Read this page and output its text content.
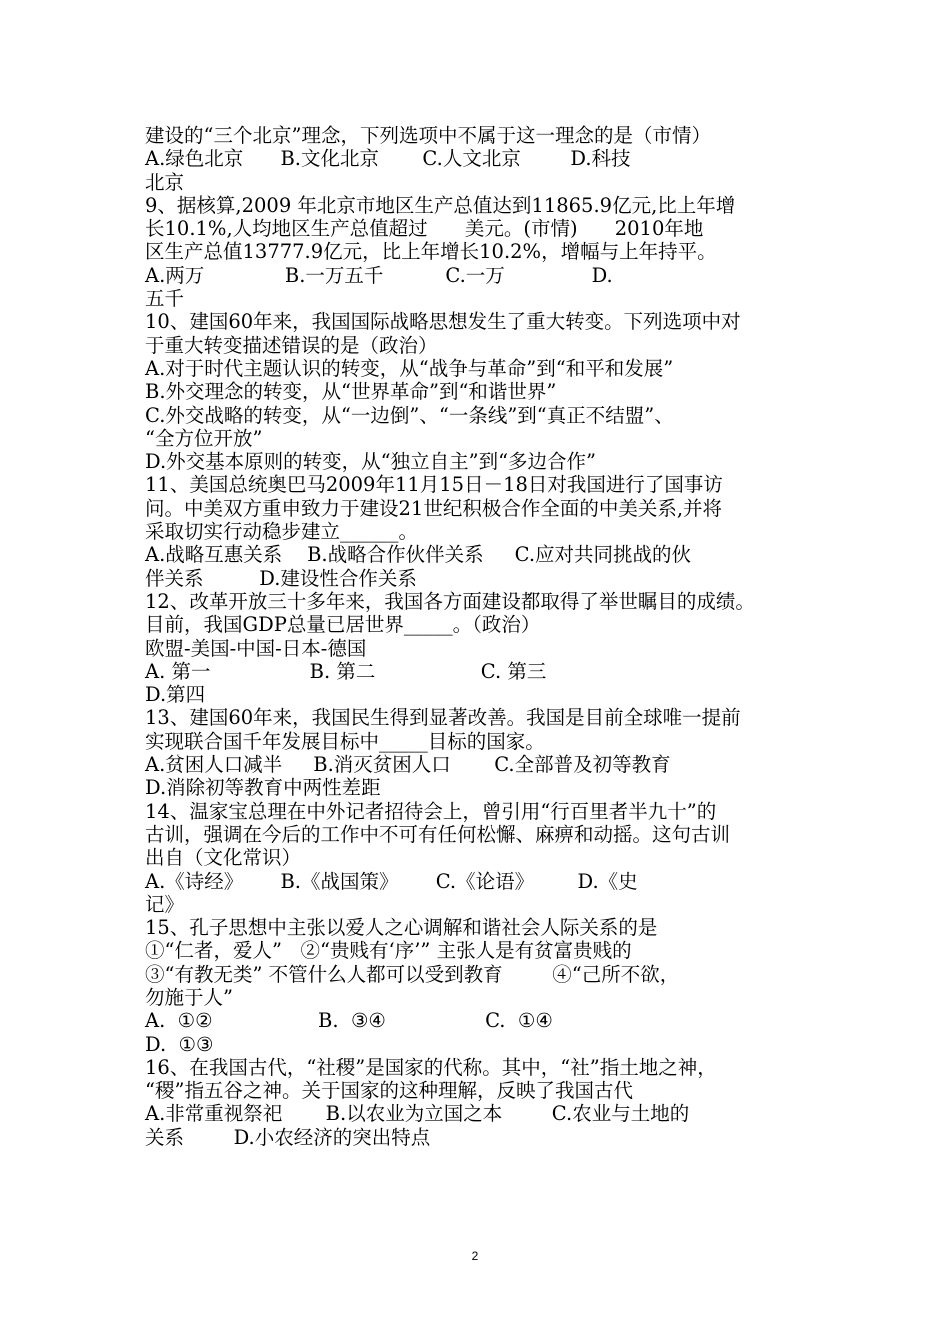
建设的“三个北京”理念，下列选项中不属于这一理念的是（市情）
A.绿色北京      B.文化北京       C.人文北京        D.科技
北京
9、据核算,2009 年北京市地区生产总值达到11865.9亿元,比上年增
长10.1%,人均地区生产总值超过      美元。(市情)      2010年地
区生产总值13777.9亿元，比上年增长10.2%，增幅与上年持平。
A.两万             B.一万五千          C.一万              D.
五千
10、建国60年来，我国国际战略思想发生了重大转变。下列选项中对
于重大转变描述错误的是（政治）
A.对于时代主题认识的转变，从“战争与革命”到“和平和发展”
B.外交理念的转变，从“世界革命”到“和谐世界”
C.外交战略的转变，从“一边倒”、“一条线”到“真正不结盟”、
“全方位开放”
D.外交基本原则的转变，从“独立自主”到“多边合作”
11、美国总统奥巴马2009年11月15日－18日对我国进行了国事访
问。中美双方重申致力于建设21世纪积极合作全面的中美关系,并将
采取切实行动稳步建立______。
A.战略互惠关系    B.战略合作伙伴关系     C.应对共同挑战的伙
伴关系         D.建设性合作关系
12、改革开放三十多年来，我国各方面建设都取得了举世瞩目的成绩。
目前，我国GDP总量已居世界_____。（政治）
欧盟-美国-中国-日本-德国
A. 第一                B. 第二                 C. 第三
D.第四
13、建国60年来，我国民生得到显著改善。我国是目前全球唯一提前
实现联合国千年发展目标中_____目标的国家。
A.贫困人口减半     B.消灭贫困人口       C.全部普及初等教育
D.消除初等教育中两性差距
14、温家宝总理在中外记者招待会上，曾引用“行百里者半九十”的
古训，强调在今后的工作中不可有任何松懈、麻痹和动摇。这句古训
出自（文化常识）
A.《诗经》      B.《战国策》      C.《论语》       D.《史
记》
15、孔子思想中主张以爱人之心调解和谐社会人际关系的是
①“仁者，爱人”   ②“贵贱有‘序’” 主张人是有贫富贵贱的
③“有教无类” 不管什么人都可以受到教育        ④“己所不欲，
勿施于人”
A.  ①②                 B.  ③④                C.  ①④
D.  ①③
16、在我国古代，“社稷”是国家的代称。其中，“社”指土地之神，
“稷”指五谷之神。关于国家的这种理解，反映了我国古代
A.非常重视祭祀       B.以农业为立国之本        C.农业与土地的
关系        D.小农经济的突出特点
2
